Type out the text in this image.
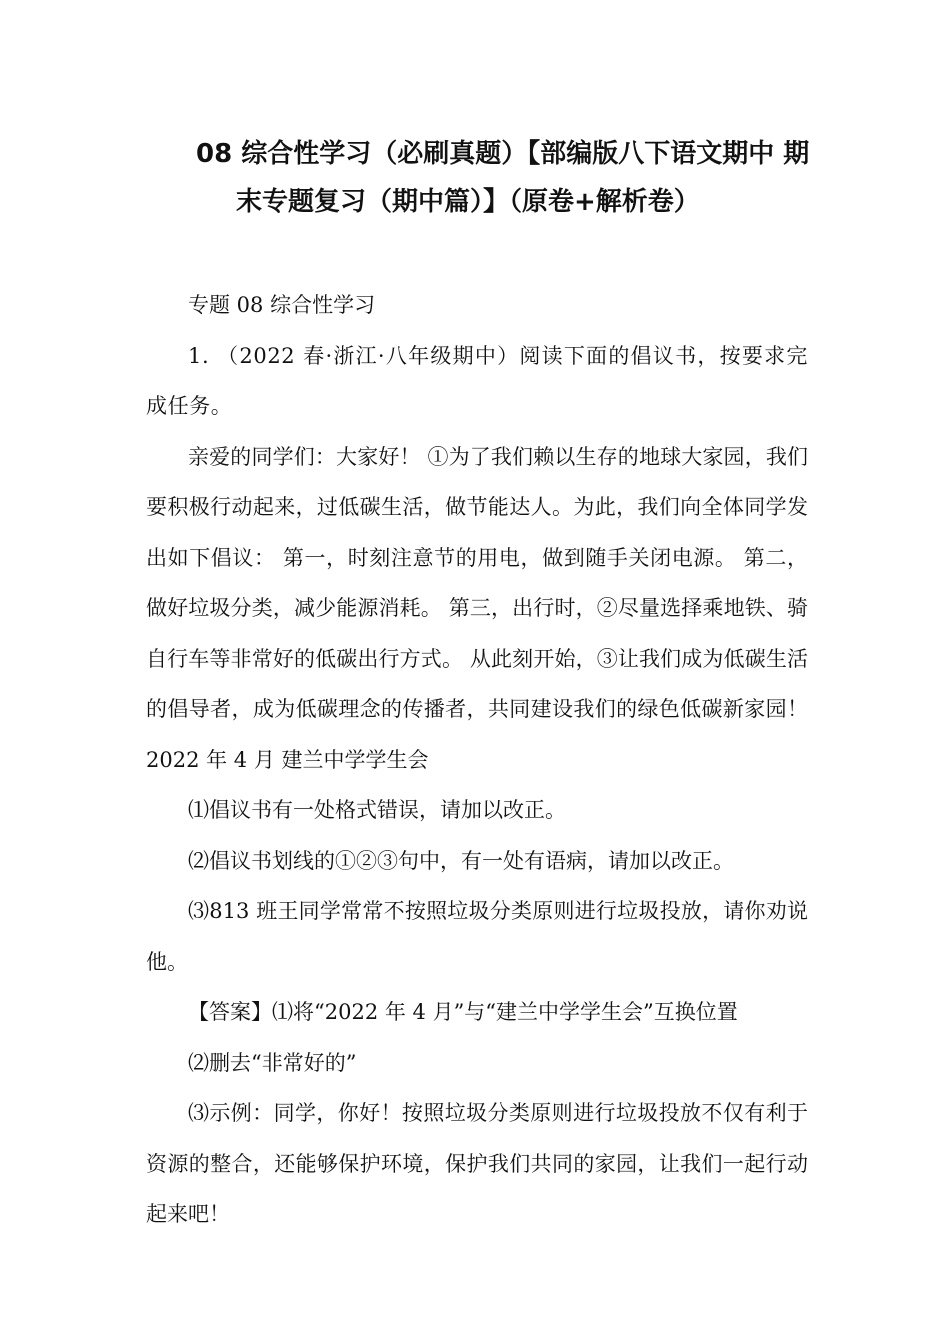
08 综合性学习（必刷真题）【部编版八下语文期中 期
末专题复习（期中篇）】（原卷+解析卷）

专题 08 综合性学习

1. （2022 春·浙江·八年级期中）阅读下面的倡议书，按要求完成任务。

亲爱的同学们：大家好！ ①为了我们赖以生存的地球大家园，我们要积极行动起来，过低碳生活，做节能达人。为此，我们向全体同学发出如下倡议： 第一，时刻注意节的用电，做到随手关闭电源。 第二，做好垃圾分类，减少能源消耗。 第三，出行时，②尽量选择乘地铁、骑自行车等非常好的低碳出行方式。 从此刻开始，③让我们成为低碳生活的倡导者，成为低碳理念的传播者，共同建设我们的绿色低碳新家园！ 2022 年 4 月 建兰中学学生会

⑴倡议书有一处格式错误，请加以改正。

⑵倡议书划线的①②③句中，有一处有语病，请加以改正。

⑶813 班王同学常常不按照垃圾分类原则进行垃圾投放，请你劝说他。

【答案】⑴将“2022 年 4 月”与“建兰中学学生会”互换位置

⑵删去“非常好的”

⑶示例：同学，你好！按照垃圾分类原则进行垃圾投放不仅有利于资源的整合，还能够保护环境，保护我们共同的家园，让我们一起行动起来吧！
